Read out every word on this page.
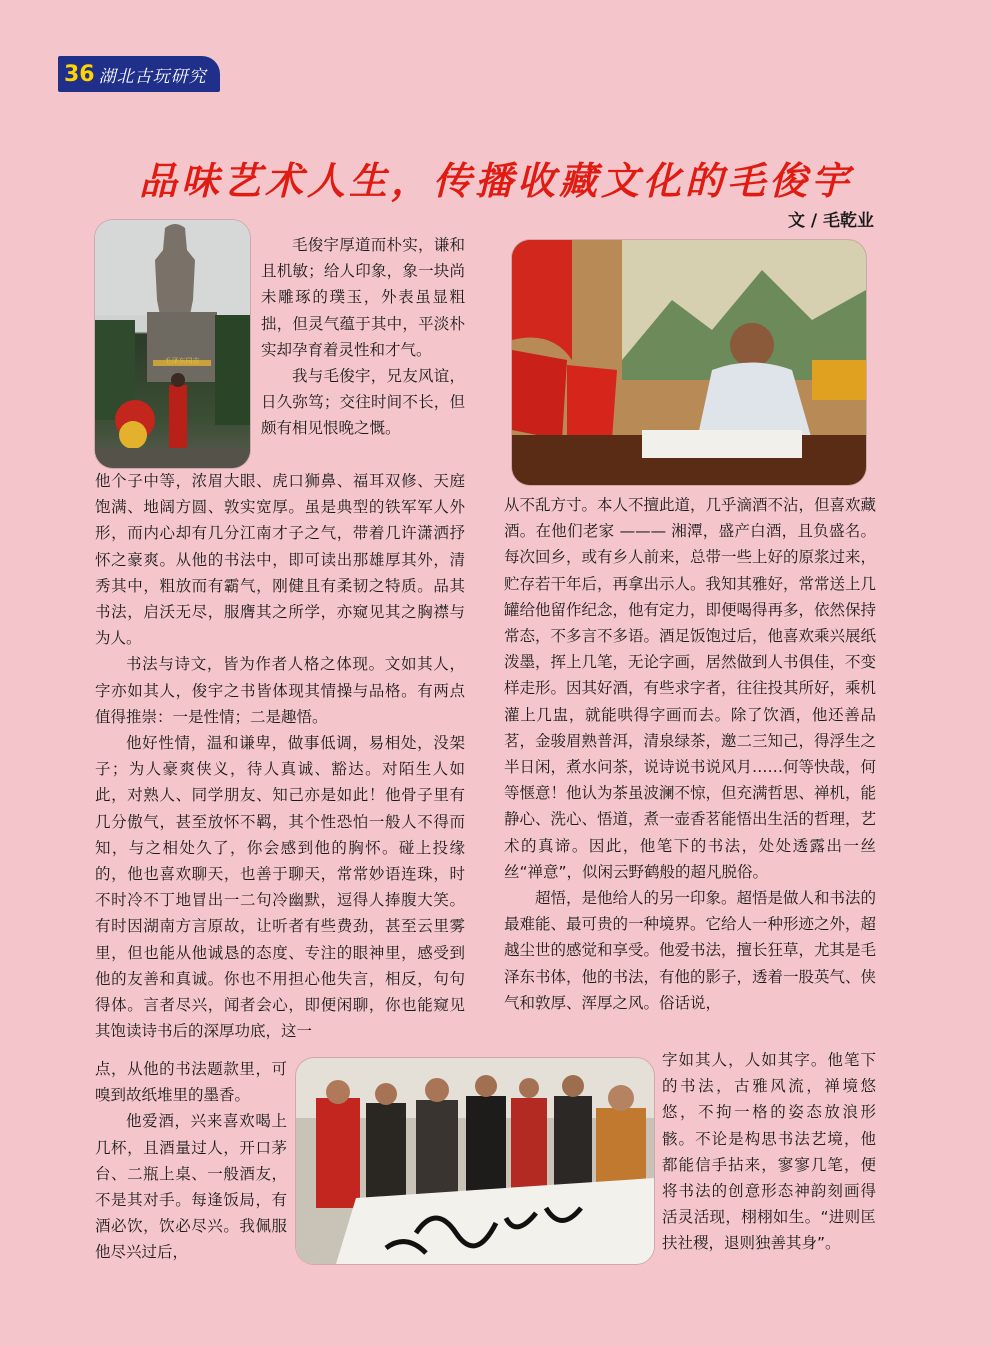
36 湖北古玩研究
品味艺术人生，传播收藏文化的毛俊宇
文 / 毛乾业
毛泽东同志

毛俊宇厚道而朴实，谦和且机敏；给人印象，象一块尚未雕琢的璞玉，外表虽显粗拙，但灵气蕴于其中，平淡朴实却孕育着灵性和才气。

我与毛俊宇，兄友风谊，日久弥笃；交往时间不长，但颇有相见恨晚之慨。

他个子中等，浓眉大眼、虎口狮鼻、福耳双修、天庭饱满、地阔方圆、敦实宽厚。虽是典型的铁军军人外形，而内心却有几分江南才子之气，带着几许潇洒抒怀之豪爽。从他的书法中，即可读出那雄厚其外，清秀其中，粗放而有霸气，刚健且有柔韧之特质。品其书法，启沃无尽，服膺其之所学，亦窥见其之胸襟与为人。

书法与诗文，皆为作者人格之体现。文如其人，字亦如其人，俊宇之书皆体现其情操与品格。有两点值得推崇：一是性情；二是趣悟。

他好性情，温和谦卑，做事低调，易相处，没架子；为人豪爽侠义，待人真诚、豁达。对陌生人如此，对熟人、同学朋友、知己亦是如此！他骨子里有几分傲气，甚至放怀不羁，其个性恐怕一般人不得而知，与之相处久了，你会感到他的胸怀。碰上投缘的，他也喜欢聊天，也善于聊天，常常妙语连珠，时不时冷不丁地冒出一二句冷幽默，逗得人捧腹大笑。有时因湖南方言原故，让听者有些费劲，甚至云里雾里，但也能从他诚恳的态度、专注的眼神里，感受到他的友善和真诚。你也不用担心他失言，相反，句句得体。言者尽兴，闻者会心，即便闲聊，你也能窥见其饱读诗书后的深厚功底，这一

点，从他的书法题款里，可嗅到故纸堆里的墨香。

他爱酒，兴来喜欢喝上几杯，且酒量过人，开口茅台、二瓶上桌、一般酒友，不是其对手。每逢饭局，有酒必饮，饮必尽兴。我佩服他尽兴过后，

从不乱方寸。本人不擅此道，几乎滴酒不沾，但喜欢藏酒。在他们老家 ——— 湘潭，盛产白酒，且负盛名。每次回乡，或有乡人前来，总带一些上好的原浆过来，贮存若干年后，再拿出示人。我知其雅好，常常送上几罐给他留作纪念，他有定力，即便喝得再多，依然保持常态，不多言不多语。酒足饭饱过后，他喜欢乘兴展纸泼墨，挥上几笔，无论字画，居然做到人书俱佳，不变样走形。因其好酒，有些求字者，往往投其所好，乘机灌上几盅，就能哄得字画而去。除了饮酒，他还善品茗，金骏眉熟普洱，清泉绿茶，邀二三知己，得浮生之半日闲，煮水问茶，说诗说书说风月……何等快哉，何等惬意！他认为茶虽波澜不惊，但充满哲思、禅机，能静心、洗心、悟道，煮一壶香茗能悟出生活的哲理，艺术的真谛。因此，他笔下的书法，处处透露出一丝丝“禅意”，似闲云野鹤般的超凡脱俗。

超悟，是他给人的另一印象。超悟是做人和书法的最难能、最可贵的一种境界。它给人一种形迹之外，超越尘世的感觉和享受。他爱书法，擅长狂草，尤其是毛泽东书体，他的书法，有他的影子，透着一股英气、侠气和敦厚、浑厚之风。俗话说，

字如其人，人如其字。他笔下的书法，古雅风流，禅境悠悠，不拘一格的姿态放浪形骸。不论是构思书法艺境，他都能信手拈来，寥寥几笔，便将书法的创意形态神韵刻画得活灵活现，栩栩如生。“进则匡扶社稷，退则独善其身”。
